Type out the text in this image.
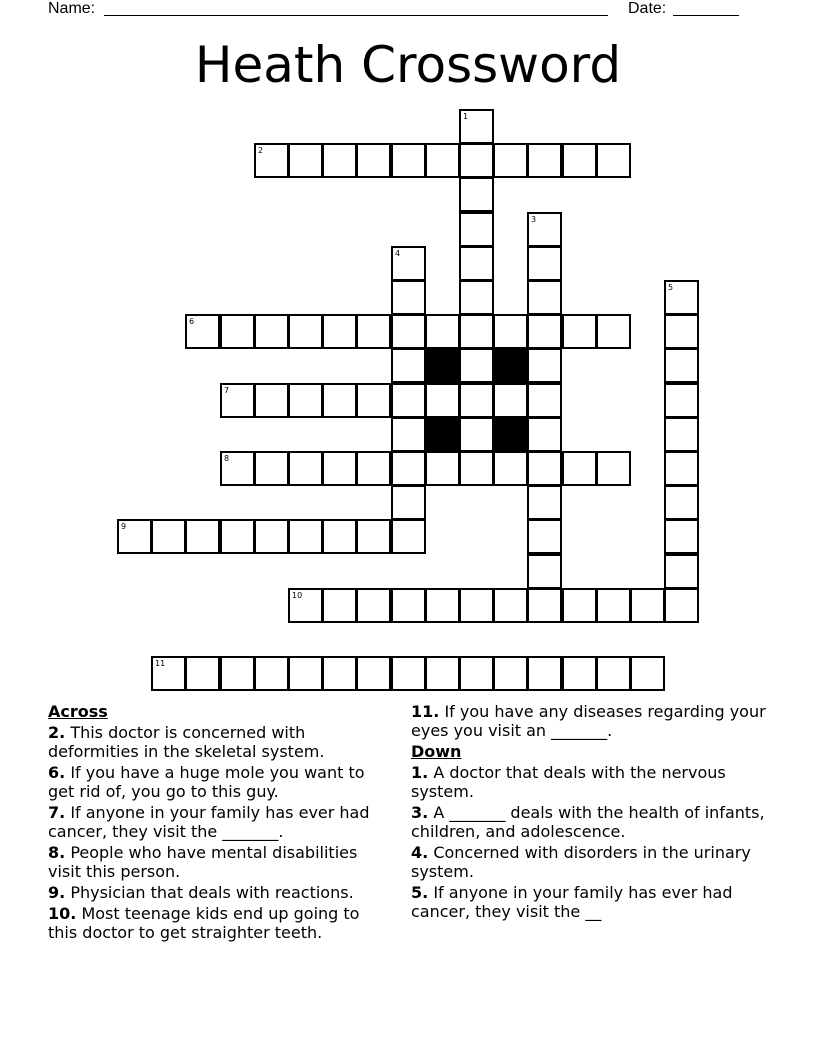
Name:	Date:
Heath Crossword
1
2
3
4
5
6
7
8
9
10
11
Across
2. This doctor is concerned with deformities in the skeletal system.
6. If you have a huge mole you want to get rid of, you go to this guy.
7. If anyone in your family has ever had cancer, they visit the _______.
8. People who have mental disabilities visit this person.
9. Physician that deals with reactions.
10. Most teenage kids end up going to this doctor to get straighter teeth.
11. If you have any diseases regarding your eyes you visit an _______.
Down
1. A doctor that deals with the nervous system.
3. A _______ deals with the health of infants, children, and adolescence.
4. Concerned with disorders in the urinary system.
5. If anyone in your family has ever had cancer, they visit the __
